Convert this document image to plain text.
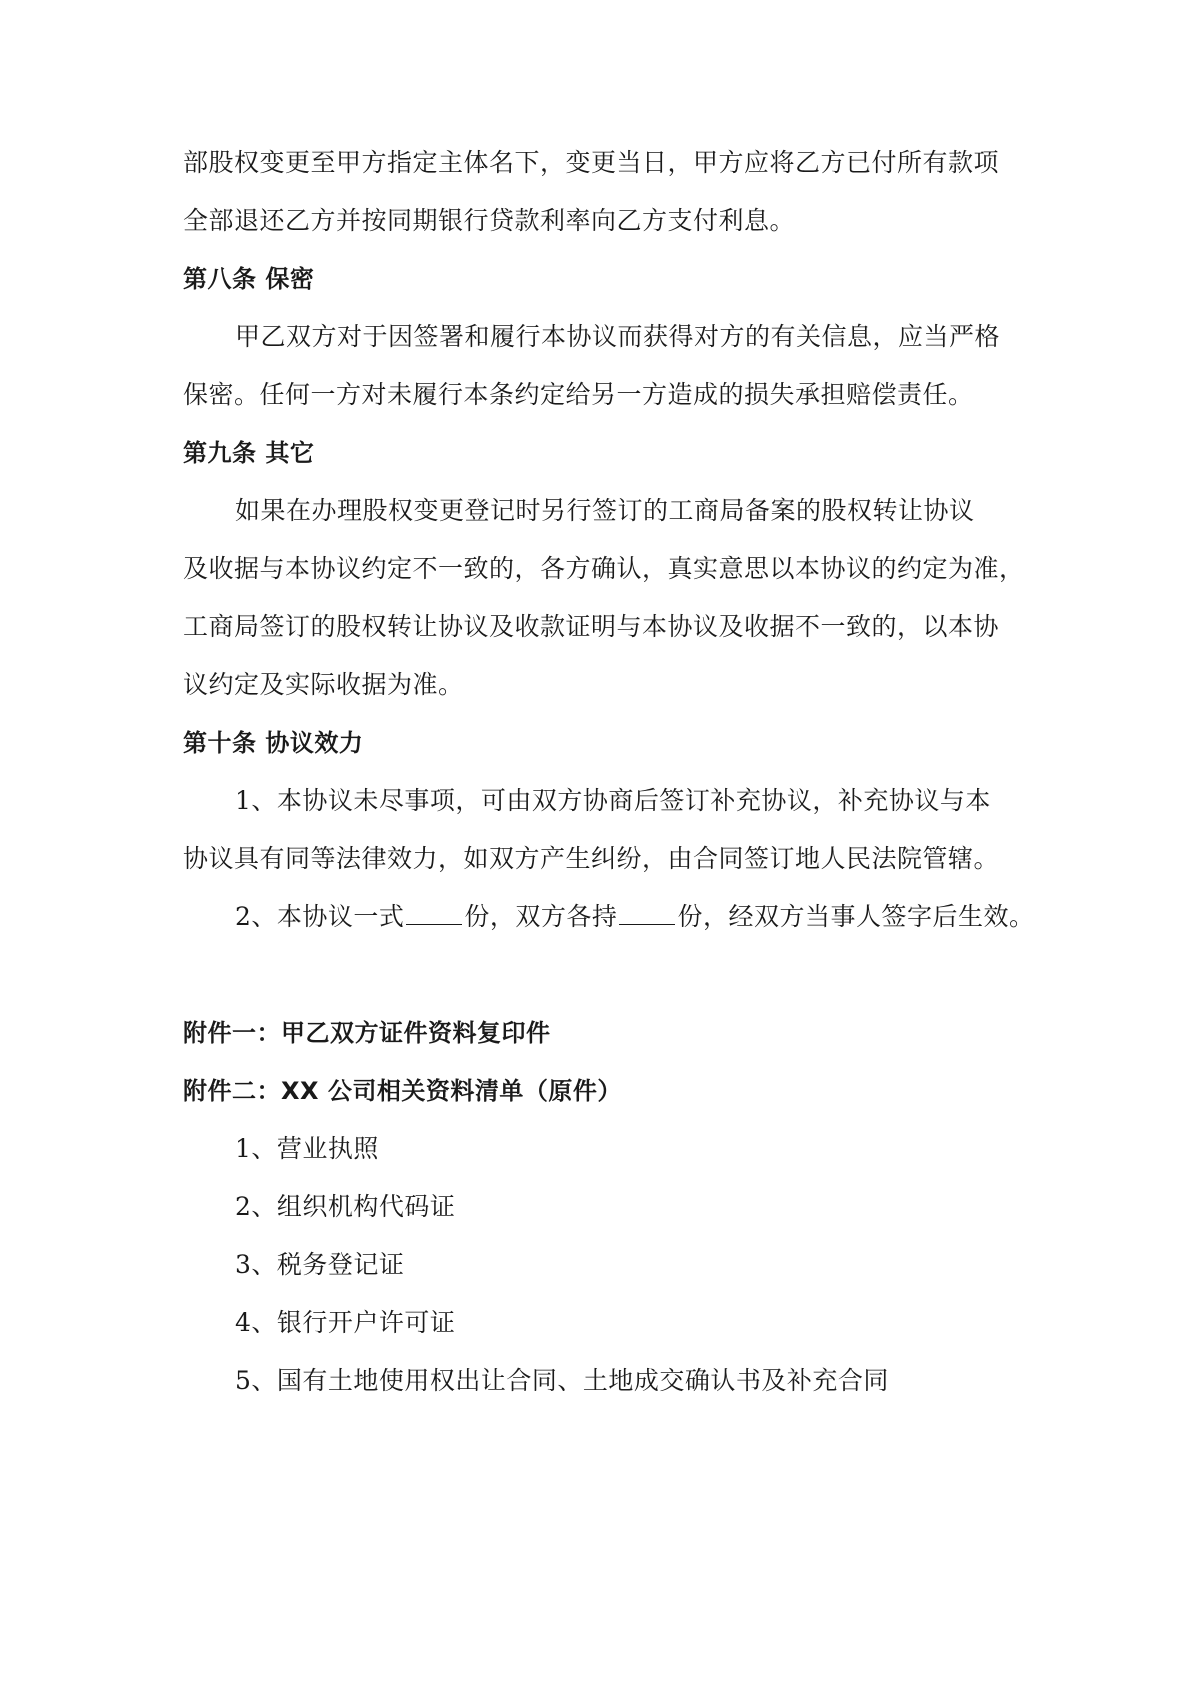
部股权变更至甲方指定主体名下，变更当日，甲方应将乙方已付所有款项
全部退还乙方并按同期银行贷款利率向乙方支付利息。
第八条 保密
甲乙双方对于因签署和履行本协议而获得对方的有关信息，应当严格
保密。任何一方对未履行本条约定给另一方造成的损失承担赔偿责任。
第九条 其它
如果在办理股权变更登记时另行签订的工商局备案的股权转让协议
及收据与本协议约定不一致的，各方确认，真实意思以本协议的约定为准，
工商局签订的股权转让协议及收款证明与本协议及收据不一致的，以本协
议约定及实际收据为准。
第十条 协议效力
1、本协议未尽事项，可由双方协商后签订补充协议，补充协议与本
协议具有同等法律效力，如双方产生纠纷，由合同签订地人民法院管辖。
2、本协议一式 份，双方各持 份，经双方当事人签字后生效。
附件一：甲乙双方证件资料复印件
附件二：XX 公司相关资料清单（原件）
1、营业执照
2、组织机构代码证
3、税务登记证
4、银行开户许可证
5、国有土地使用权出让合同、土地成交确认书及补充合同
